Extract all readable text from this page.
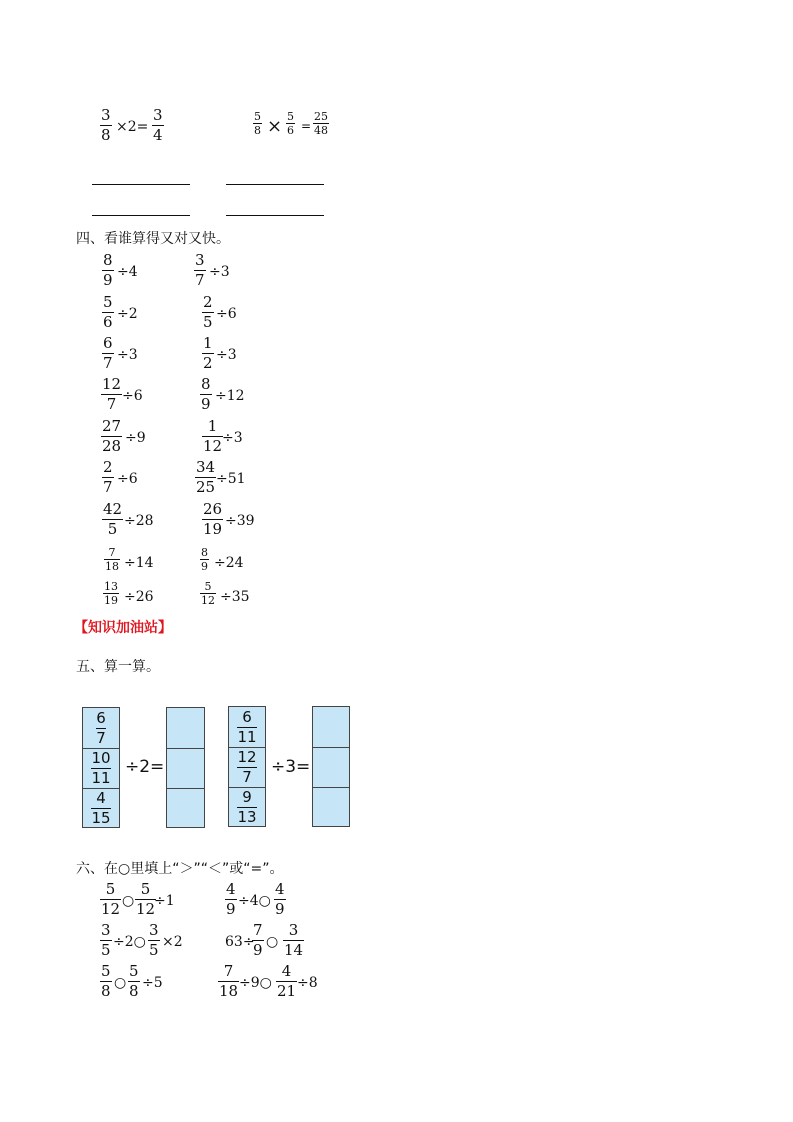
3
8 ×2=
3
4
5
8 × 5
6 =
25
48
四、看谁算得又对又快。
8
9 ÷4
5
6 ÷2
6
7 ÷3
12
7 ÷6
27
28 ÷9
2
7 ÷6
42
5 ÷28
7
18 ÷14
13
19 ÷26
3
7 ÷3
2
5 ÷6
1
2 ÷3
8
9 ÷12
1
12 ÷3
34
25 ÷51
26
19 ÷39
8
9 ÷24
5
12 ÷35
【知识加油站】
五、算一算。
6
7
10
11
4
15
÷2=
6
11
12
7
9
13
÷3=
六、在○里填上“＞”“＜”或“=”。
5
12 ○
5
12
÷1
4
9 ÷4○
4
9
3
5 ÷2○
3
5 ×2	63÷
7
9 ○
3
14
5
8 ○
5
8 ÷5
7
18 ÷9○
4
21 ÷8
